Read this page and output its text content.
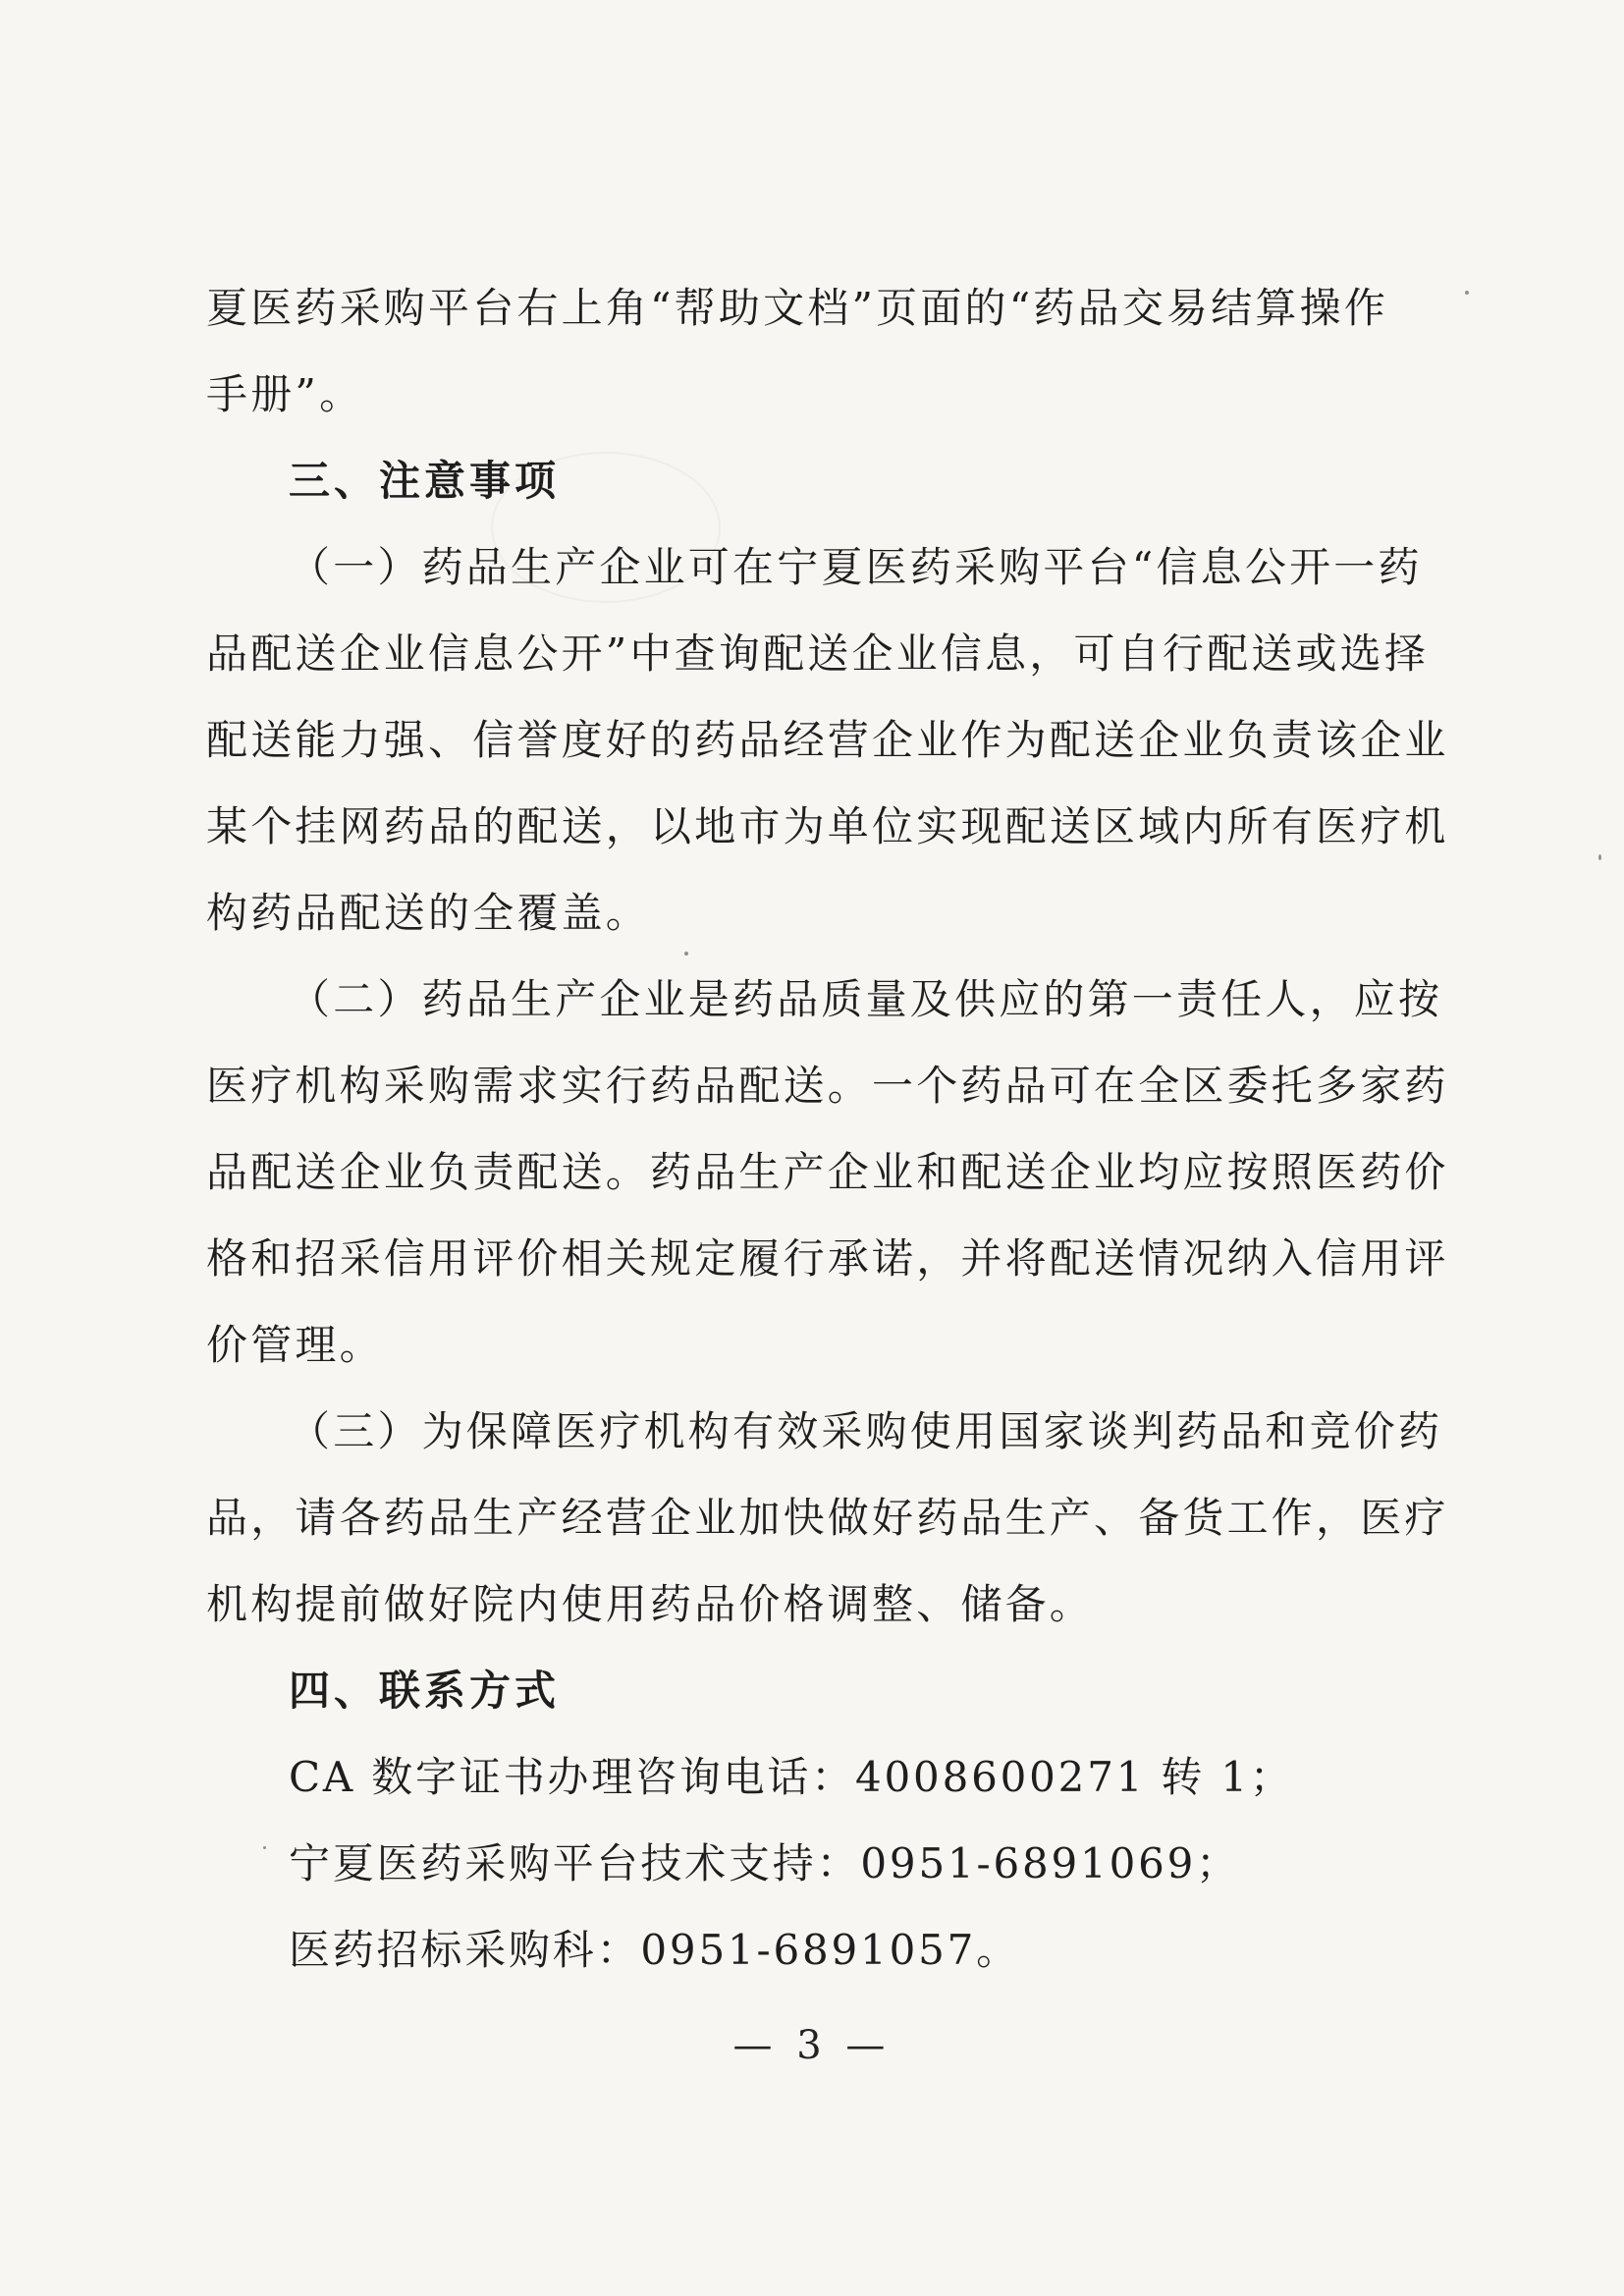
夏医药采购平台右上角“帮助文档”页面的“药品交易结算操作
手册”。
三、注意事项
（一）药品生产企业可在宁夏医药采购平台“信息公开一药
品配送企业信息公开”中查询配送企业信息，可自行配送或选择
配送能力强、信誉度好的药品经营企业作为配送企业负责该企业
某个挂网药品的配送，以地市为单位实现配送区域内所有医疗机
构药品配送的全覆盖。
（二）药品生产企业是药品质量及供应的第一责任人，应按
医疗机构采购需求实行药品配送。一个药品可在全区委托多家药
品配送企业负责配送。药品生产企业和配送企业均应按照医药价
格和招采信用评价相关规定履行承诺，并将配送情况纳入信用评
价管理。
（三）为保障医疗机构有效采购使用国家谈判药品和竞价药
品，请各药品生产经营企业加快做好药品生产、备货工作，医疗
机构提前做好院内使用药品价格调整、储备。
四、联系方式
CA 数字证书办理咨询电话：4008600271 转 1；
宁夏医药采购平台技术支持：0951-6891069；
医药招标采购科：0951-6891057。
— 3 —
